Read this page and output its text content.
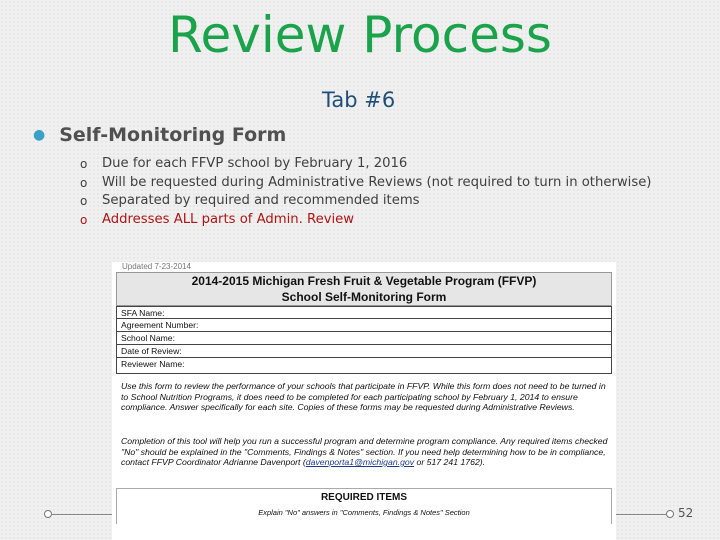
Review Process
Tab #6
● Self-Monitoring Form
o	Due for each FFVP school by February 1, 2016
o	Will be requested during Administrative Reviews (not required to turn in otherwise)
o	Separated by required and recommended items
o	Addresses ALL parts of Admin. Review
Updated 7-23-2014
2014-2015 Michigan Fresh Fruit & Vegetable Program (FFVP)
School Self-Monitoring Form
SFA Name:
Agreement Number:
School Name:
Date of Review:
Reviewer Name:

Use this form to review the performance of your schools that participate in FFVP. While this form does not need to be turned in to School Nutrition Programs, it does need to be completed for each participating school by February 1, 2014 to ensure compliance. Answer specifically for each site. Copies of these forms may be requested during Administrative Reviews.

Completion of this tool will help you run a successful program and determine program compliance. Any required items checked "No" should be explained in the "Comments, Findings & Notes" section. If you need help determining how to be in compliance, contact FFVP Coordinator Adrianne Davenport (davenporta1@michigan.gov or 517 241 1762).

REQUIRED ITEMS
Explain "No" answers in "Comments, Findings & Notes" Section	52
